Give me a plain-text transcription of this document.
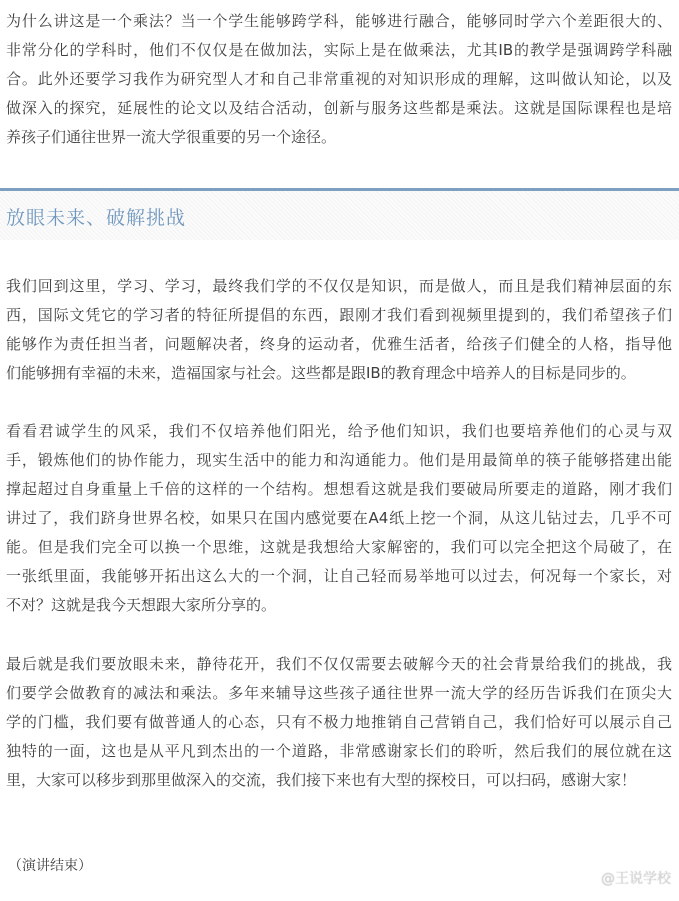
为什么讲这是一个乘法？当一个学生能够跨学科，能够进行融合，能够同时学六个差距很大的、
非常分化的学科时，他们不仅仅是在做加法，实际上是在做乘法，尤其IB的教学是强调跨学科融
合。此外还要学习我作为研究型人才和自己非常重视的对知识形成的理解，这叫做认知论，以及
做深入的探究，延展性的论文以及结合活动，创新与服务这些都是乘法。这就是国际课程也是培
养孩子们通往世界一流大学很重要的另一个途径。
放眼未来、破解挑战
我们回到这里，学习、学习，最终我们学的不仅仅是知识，而是做人，而且是我们精神层面的东
西，国际文凭它的学习者的特征所提倡的东西，跟刚才我们看到视频里提到的，我们希望孩子们
能够作为责任担当者，问题解决者，终身的运动者，优雅生活者，给孩子们健全的人格，指导他
们能够拥有幸福的未来，造福国家与社会。这些都是跟IB的教育理念中培养人的目标是同步的。
看看君诚学生的风采，我们不仅培养他们阳光，给予他们知识，我们也要培养他们的心灵与双
手，锻炼他们的协作能力，现实生活中的能力和沟通能力。他们是用最简单的筷子能够搭建出能
撑起超过自身重量上千倍的这样的一个结构。想想看这就是我们要破局所要走的道路，刚才我们
讲过了，我们跻身世界名校，如果只在国内感觉要在A4纸上挖一个洞，从这儿钻过去，几乎不可
能。但是我们完全可以换一个思维，这就是我想给大家解密的，我们可以完全把这个局破了，在
一张纸里面，我能够开拓出这么大的一个洞，让自己轻而易举地可以过去，何况每一个家长，对
不对？这就是我今天想跟大家所分享的。
最后就是我们要放眼未来，静待花开，我们不仅仅需要去破解今天的社会背景给我们的挑战，我
们要学会做教育的减法和乘法。多年来辅导这些孩子通往世界一流大学的经历告诉我们在顶尖大
学的门槛，我们要有做普通人的心态，只有不极力地推销自己营销自己，我们恰好可以展示自己
独特的一面，这也是从平凡到杰出的一个道路，非常感谢家长们的聆听，然后我们的展位就在这
里，大家可以移步到那里做深入的交流，我们接下来也有大型的探校日，可以扫码，感谢大家！
（演讲结束）
@王说学校
